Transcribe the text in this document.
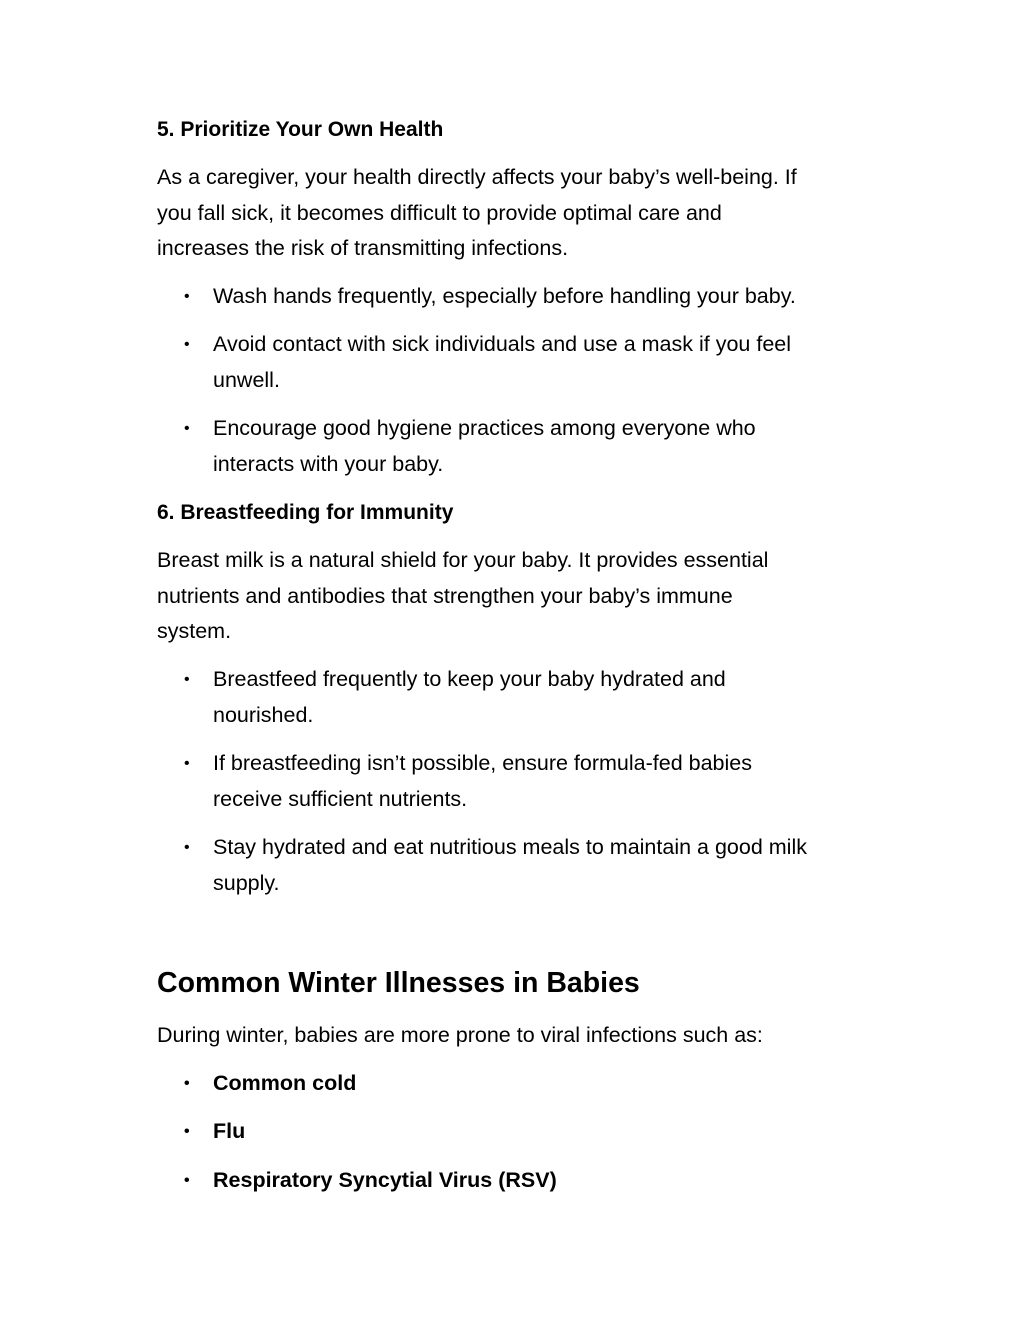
5. Prioritize Your Own Health

As a caregiver, your health directly affects your baby’s well-being. If
you fall sick, it becomes difficult to provide optimal care and
increases the risk of transmitting infections.

• Wash hands frequently, especially before handling your baby.
• Avoid contact with sick individuals and use a mask if you feel
unwell.
• Encourage good hygiene practices among everyone who
interacts with your baby.
6. Breastfeeding for Immunity

Breast milk is a natural shield for your baby. It provides essential
nutrients and antibodies that strengthen your baby’s immune
system.

• Breastfeed frequently to keep your baby hydrated and
nourished.
• If breastfeeding isn’t possible, ensure formula-fed babies
receive sufficient nutrients.
• Stay hydrated and eat nutritious meals to maintain a good milk
supply.
Common Winter Illnesses in Babies

During winter, babies are more prone to viral infections such as:

• Common cold
• Flu
• Respiratory Syncytial Virus (RSV)
